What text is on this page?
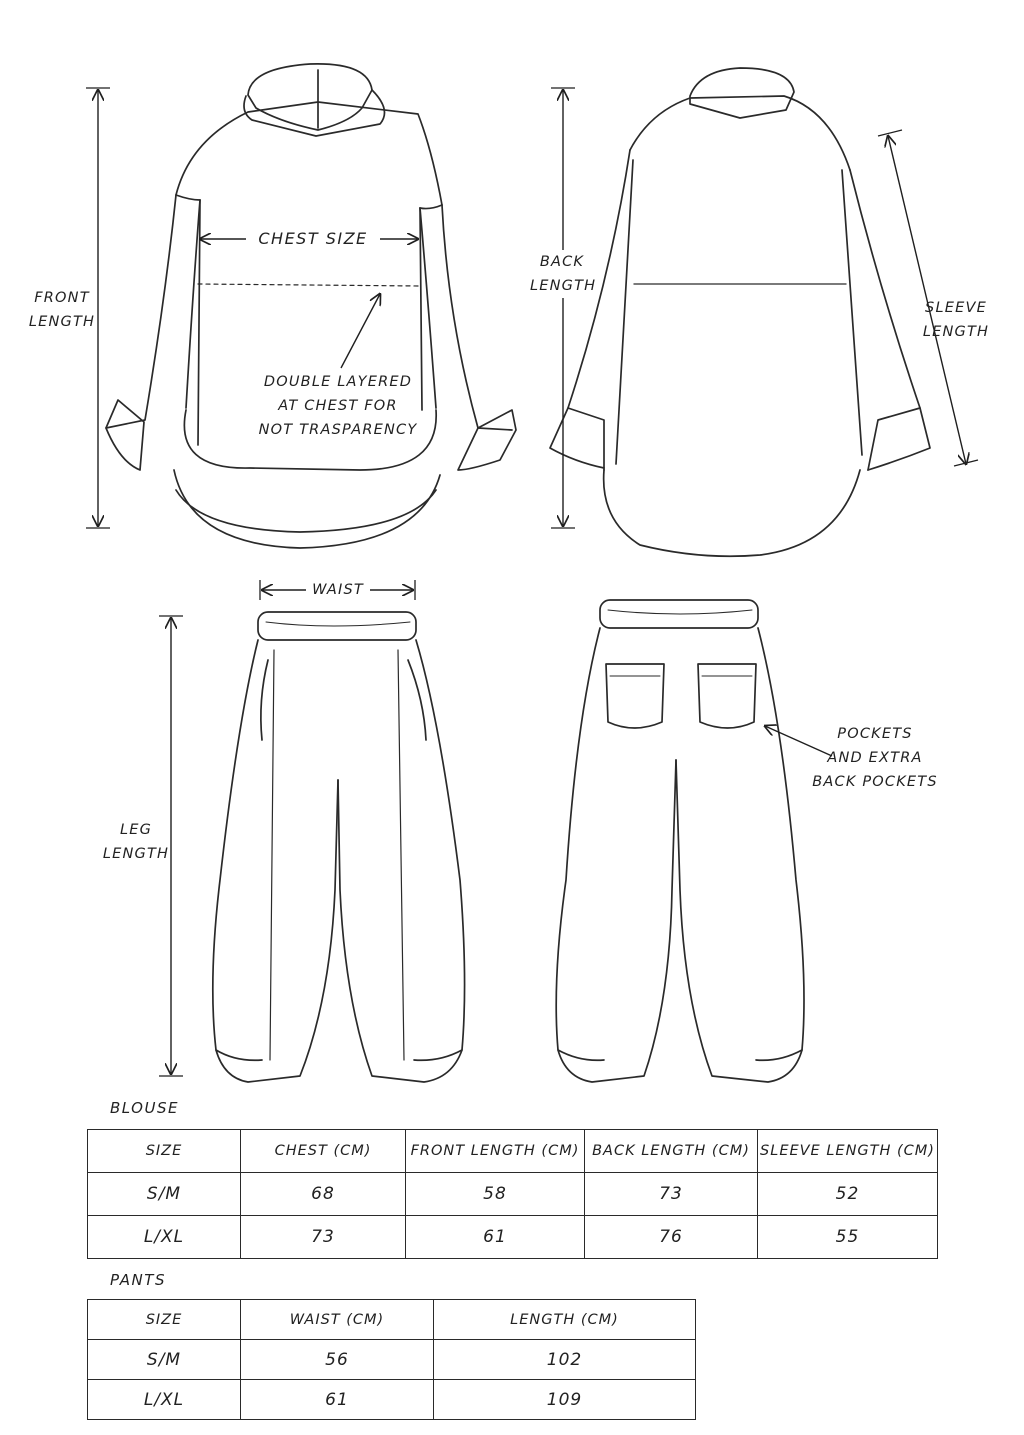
FRONT
LENGTH
CHEST SIZE
DOUBLE LAYERED
AT CHEST FOR
NOT TRASPARENCY
BACK
LENGTH
SLEEVE
LENGTH
WAIST
LEG
LENGTH
POCKETS
AND EXTRA
BACK POCKETS
BLOUSE
SIZE	CHEST (CM)	FRONT LENGTH (CM)	BACK LENGTH (CM)	SLEEVE LENGTH (CM)
S/M	68	58	73	52
L/XL	73	61	76	55
PANTS
SIZE	WAIST (CM)	LENGTH (CM)
S/M	56	102
L/XL	61	109
